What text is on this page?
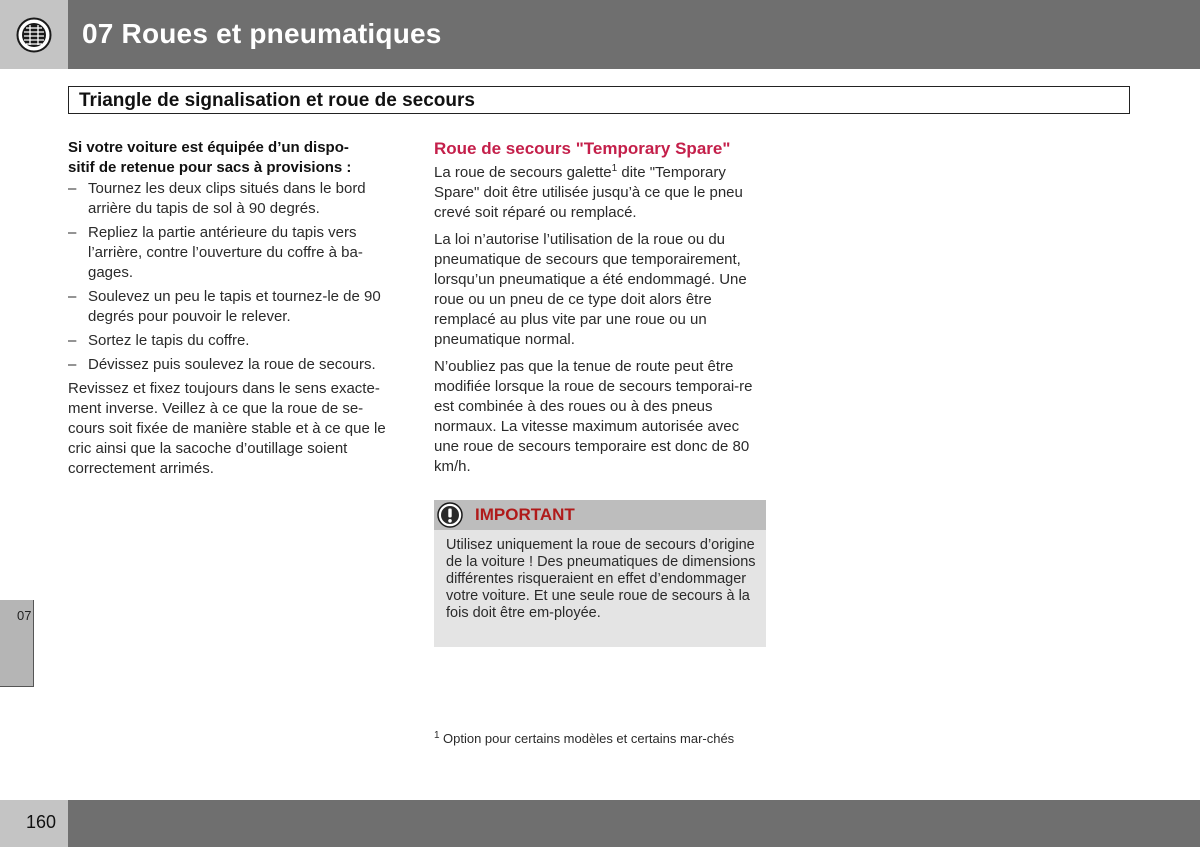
07 Roues et pneumatiques
Triangle de signalisation et roue de secours
Si votre voiture est équipée d’un dispo-
sitif de retenue pour sacs à provisions :
– Tournez les deux clips situés dans le bord arrière du tapis de sol à 90 degrés.
– Repliez la partie antérieure du tapis vers l’arrière, contre l’ouverture du coffre à ba-gages.
– Soulevez un peu le tapis et tournez-le de 90 degrés pour pouvoir le relever.
– Sortez le tapis du coffre.
– Dévissez puis soulevez la roue de secours.

Revissez et fixez toujours dans le sens exacte-ment inverse. Veillez à ce que la roue de se-cours soit fixée de manière stable et à ce que le cric ainsi que la sacoche d’outillage soient correctement arrimés.

Roue de secours "Temporary Spare"

La roue de secours galette$^1$ dite "Temporary Spare" doit être utilisée jusqu’à ce que le pneu crevé soit réparé ou remplacé.

La loi n’autorise l’utilisation de la roue ou du pneumatique de secours que temporairement, lorsqu’un pneumatique a été endommagé. Une roue ou un pneu de ce type doit alors être remplacé au plus vite par une roue ou un pneumatique normal.

N’oubliez pas que la tenue de route peut être modifiée lorsque la roue de secours temporai-re est combinée à des roues ou à des pneus normaux. La vitesse maximum autorisée avec une roue de secours temporaire est donc de 80 km/h.

IMPORTANT
Utilisez uniquement la roue de secours d’origine de la voiture ! Des pneumatiques de dimensions différentes risqueraient en effet d’endommager votre voiture. Et une seule roue de secours à la fois doit être em-ployée.
1 Option pour certains modèles et certains mar-chés
07
160
